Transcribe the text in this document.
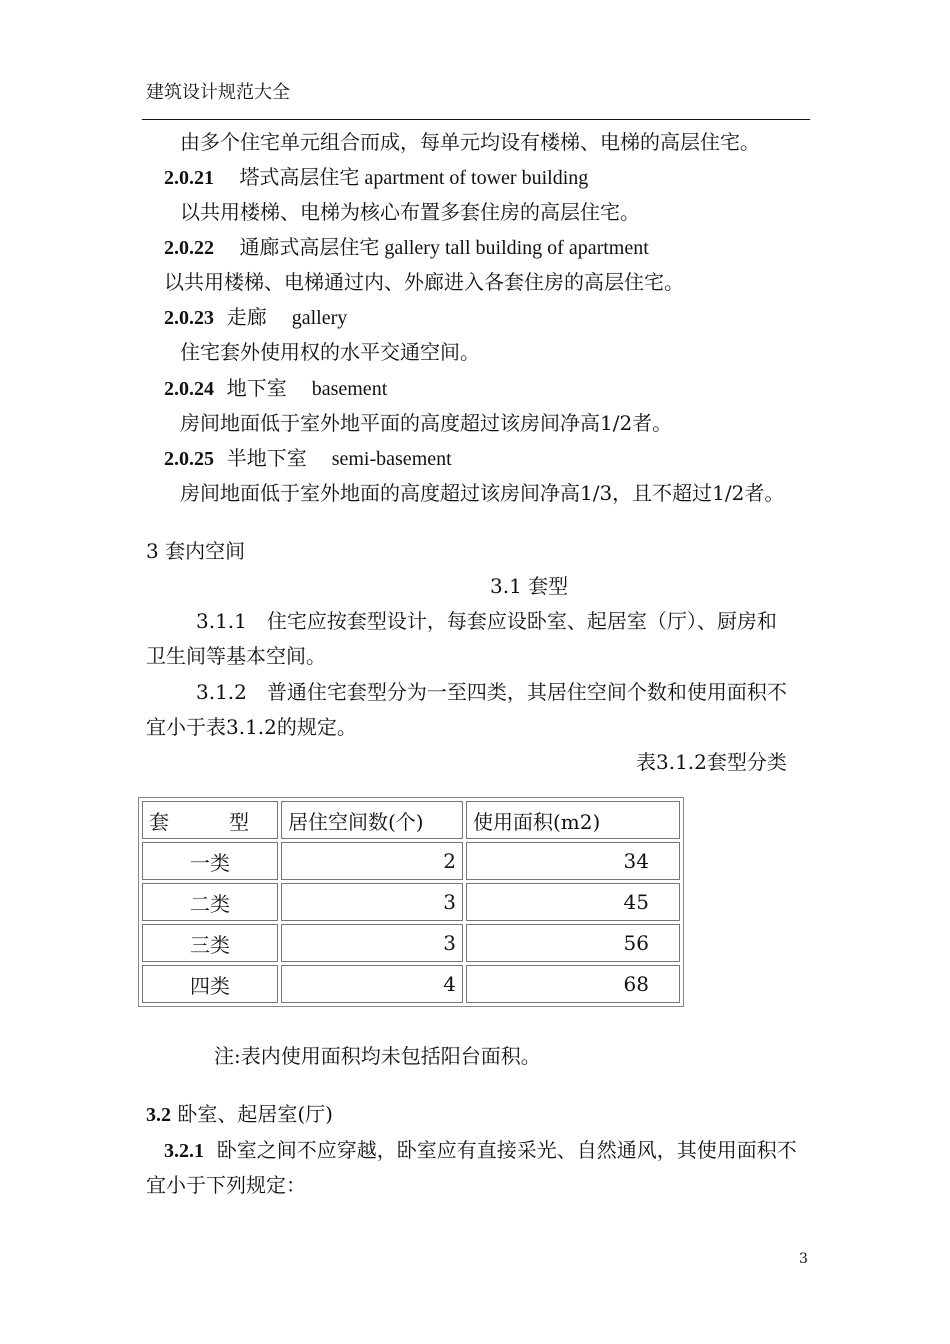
建筑设计规范大全
由多个住宅单元组合而成，每单元均设有楼梯、电梯的高层住宅。
2.0.21 塔式高层住宅 apartment of tower building
以共用楼梯、电梯为核心布置多套住房的高层住宅。
2.0.22 通廊式高层住宅 gallery tall building of apartment
以共用楼梯、电梯通过内、外廊进入各套住房的高层住宅。
2.0.23 走廊　 gallery
住宅套外使用权的水平交通空间。
2.0.24 地下室　 basement
房间地面低于室外地平面的高度超过该房间净高1/2者。
2.0.25 半地下室　 semi-basement
房间地面低于室外地面的高度超过该房间净高1/3，且不超过1/2者。
3 套内空间
3.1 套型
3.1.1　住宅应按套型设计，每套应设卧室、起居室（厅）、厨房和
卫生间等基本空间。
3.1.2　普通住宅套型分为一至四类，其居住空间个数和使用面积不
宜小于表3.1.2的规定。
表3.1.2套型分类
套　　　型	居住空间数(个)	使用面积(m2)
一类	2	34
二类	3	45
三类	3	56
四类	4	68
注:表内使用面积均未包括阳台面积。
3.2 卧室、起居室(厅)
3.2.1 卧室之间不应穿越，卧室应有直接采光、自然通风，其使用面积不
宜小于下列规定：
3
